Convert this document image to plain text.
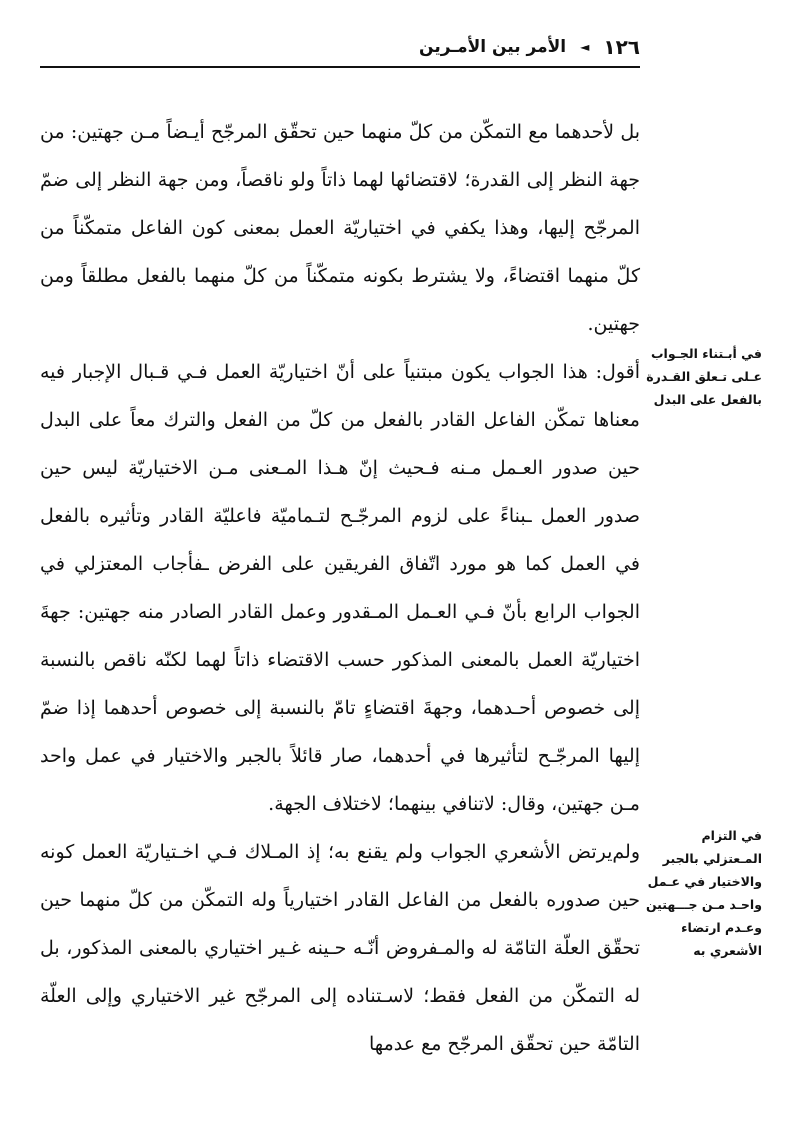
١٢٦
◄
الأمر بين الأمـرين

بل لأحدهما مع التمكّن من كلّ منهما حين تحقّق المرجّح أيـضاً مـن جهتين: من جهة النظر إلى القدرة؛ لاقتضائها لهما ذاتاً ولو ناقصاً، ومن جهة النظر إلى ضمّ المرجّح إليها، وهذا يكفي في اختياريّة العمل بمعنى كون الفاعل متمكّناً من كلّ منهما اقتضاءً، ولا يشترط بكونه متمكّناً من كلّ منهما بالفعل مطلقاً ومن جهتين.

أقول: هذا الجواب يكون مبتنياً على أنّ اختياريّة العمل فـي قـبال الإجبار فيه معناها تمكّن الفاعل القادر بالفعل من كلّ من الفعل والترك معاً على البدل حين صدور العـمل مـنه فـحيث إنّ هـذا المـعنى مـن الاختياريّة ليس حين صدور العمل ـبناءً على لزوم المرجّـح لتـماميّة فاعليّة القادر وتأثيره بالفعل في العمل كما هو مورد اتّفاق الفريقين على الفرض ـفأجاب المعتزلي في الجواب الرابع بأنّ فـي العـمل المـقدور وعمل القادر الصادر منه جهتين: جهةَ اختياريّة العمل بالمعنى المذكور حسب الاقتضاء ذاتاً لهما لكنّه ناقص بالنسبة إلى خصوص أحـدهما، وجهةَ اقتضاءٍ تامّ بالنسبة إلى خصوص أحدهما إذا ضمّ إليها المرجّـح لتأثيرها في أحدهما، صار قائلاً بالجبر والاختيار في عمل واحد مـن جهتين، وقال: لاتنافي بينهما؛ لاختلاف الجهة.

ولم‌يرتض الأشعري الجواب ولم يقنع به؛ إذ المـلاك فـي اخـتياريّة العمل كونه حين صدوره بالفعل من الفاعل القادر اختيارياً وله التمكّن من كلّ منهما حين تحقّق العلّة التامّة له والمـفروض أنّـه حـينه غـير اختياري بالمعنى المذكور، بل له التمكّن من الفعل فقط؛ لاسـتناده إلى المرجّح غير الاختياري وإلى العلّة التامّة حين تحقّق المرجّح مع عدمها

في أبـتناء الجـواب عـلى تـعلق القـدرة بالفعل على البدل
في التزام المـعتزلي بالجبر والاختيار في عـمل واحـد مـن جـــهتين وعـدم ارتضاء الأشعري به
